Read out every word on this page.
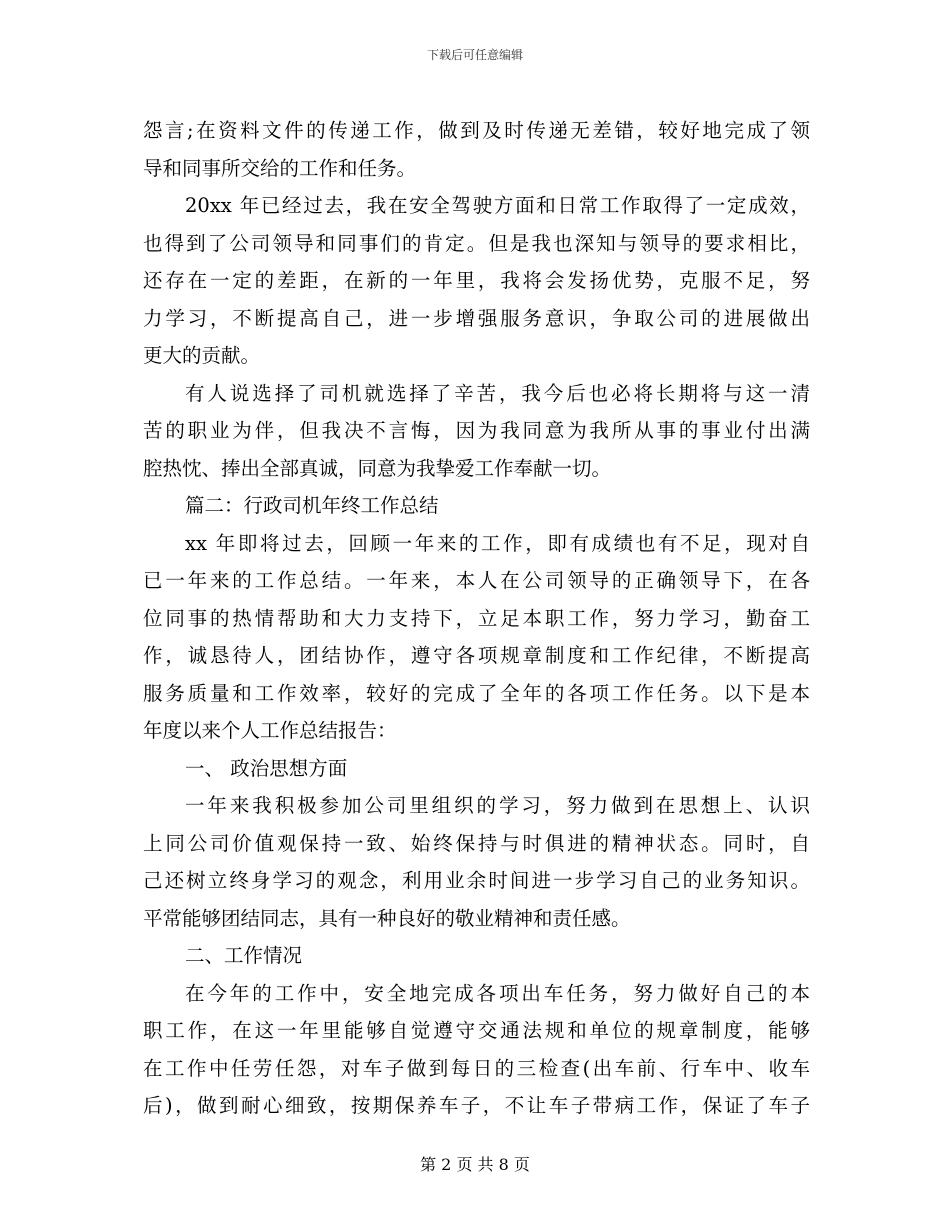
下载后可任意编辑
怨言;在资料文件的传递工作，做到及时传递无差错，较好地完成了领
导和同事所交给的工作和任务。
20xx 年已经过去，我在安全驾驶方面和日常工作取得了一定成效，
也得到了公司领导和同事们的肯定。但是我也深知与领导的要求相比，
还存在一定的差距，在新的一年里，我将会发扬优势，克服不足，努
力学习，不断提高自己，进一步增强服务意识，争取公司的进展做出
更大的贡献。
有人说选择了司机就选择了辛苦，我今后也必将长期将与这一清
苦的职业为伴，但我决不言悔，因为我同意为我所从事的事业付出满
腔热忱、捧出全部真诚，同意为我挚爱工作奉献一切。
篇二：行政司机年终工作总结
xx 年即将过去，回顾一年来的工作，即有成绩也有不足，现对自
已一年来的工作总结。一年来，本人在公司领导的正确领导下，在各
位同事的热情帮助和大力支持下，立足本职工作，努力学习，勤奋工
作，诚恳待人，团结协作，遵守各项规章制度和工作纪律，不断提高
服务质量和工作效率，较好的完成了全年的各项工作任务。以下是本
年度以来个人工作总结报告：
一、 政治思想方面
一年来我积极参加公司里组织的学习，努力做到在思想上、认识
上同公司价值观保持一致、始终保持与时俱进的精神状态。同时，自
己还树立终身学习的观念，利用业余时间进一步学习自己的业务知识。
平常能够团结同志，具有一种良好的敬业精神和责任感。
二、工作情况
在今年的工作中，安全地完成各项出车任务，努力做好自己的本
职工作，在这一年里能够自觉遵守交通法规和单位的规章制度，能够
在工作中任劳任怨，对车子做到每日的三检查(出车前、行车中、收车
后)，做到耐心细致，按期保养车子，不让车子带病工作，保证了车子
第 2 页 共 8 页
